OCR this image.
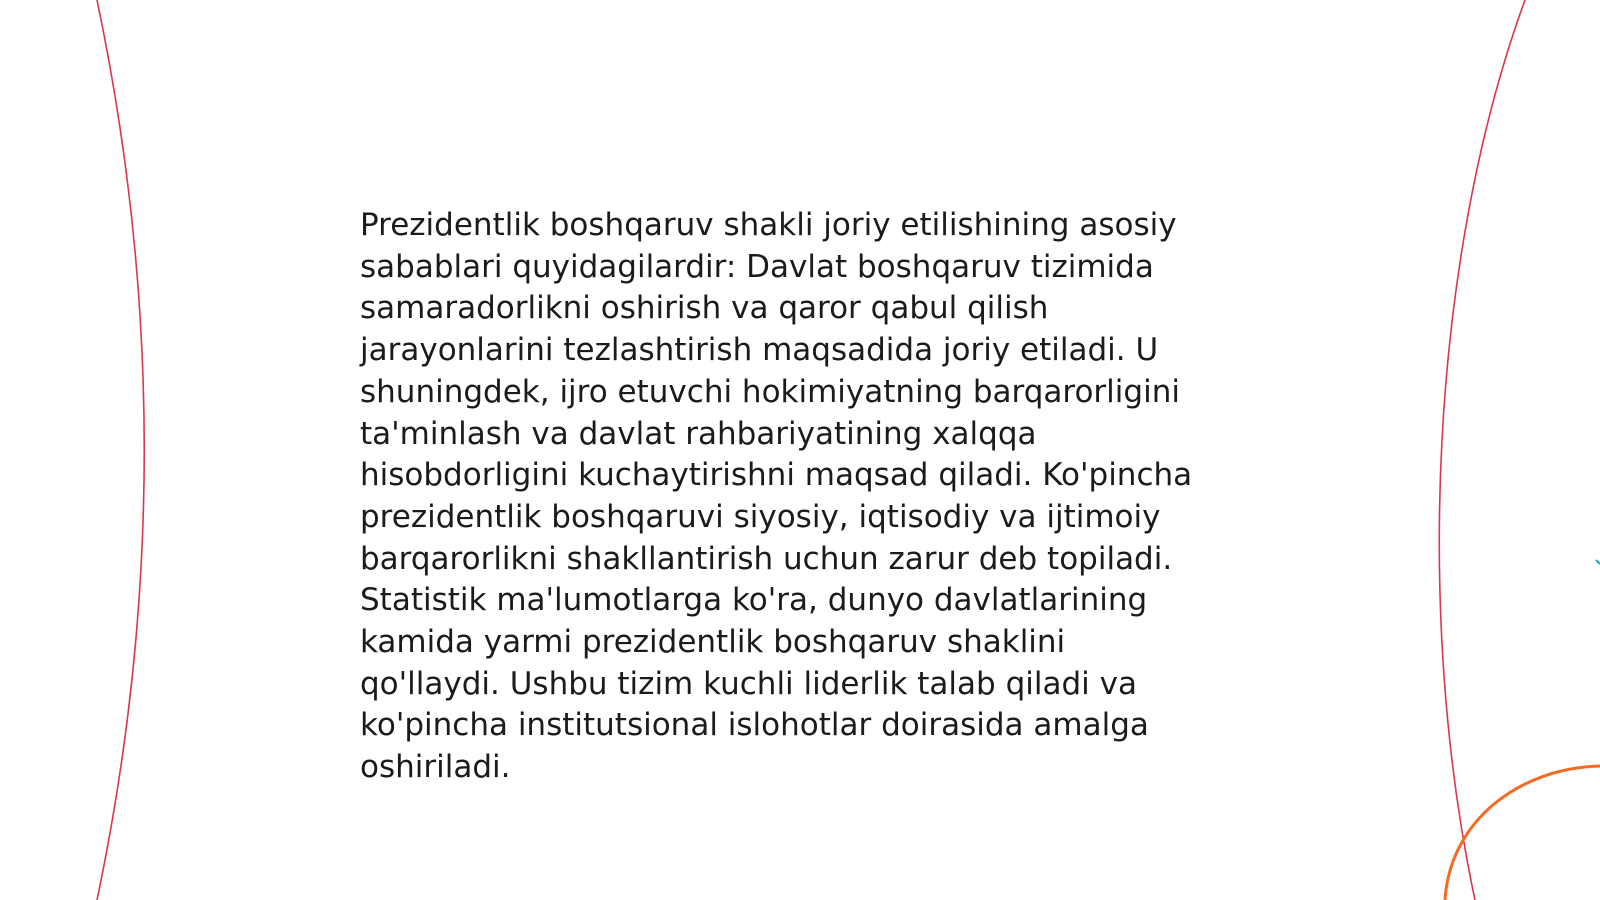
Prezidentlik boshqaruv shakli joriy etilishining asosiy
sabablari quyidagilardir: Davlat boshqaruv tizimida
samaradorlikni oshirish va qaror qabul qilish
jarayonlarini tezlashtirish maqsadida joriy etiladi. U
shuningdek, ijro etuvchi hokimiyatning barqarorligini
ta'minlash va davlat rahbariyatining xalqqa
hisobdorligini kuchaytirishni maqsad qiladi. Ko'pincha
prezidentlik boshqaruvi siyosiy, iqtisodiy va ijtimoiy
barqarorlikni shakllantirish uchun zarur deb topiladi.
Statistik ma'lumotlarga ko'ra, dunyo davlatlarining
kamida yarmi prezidentlik boshqaruv shaklini
qo'llaydi. Ushbu tizim kuchli liderlik talab qiladi va
ko'pincha institutsional islohotlar doirasida amalga
oshiriladi.
